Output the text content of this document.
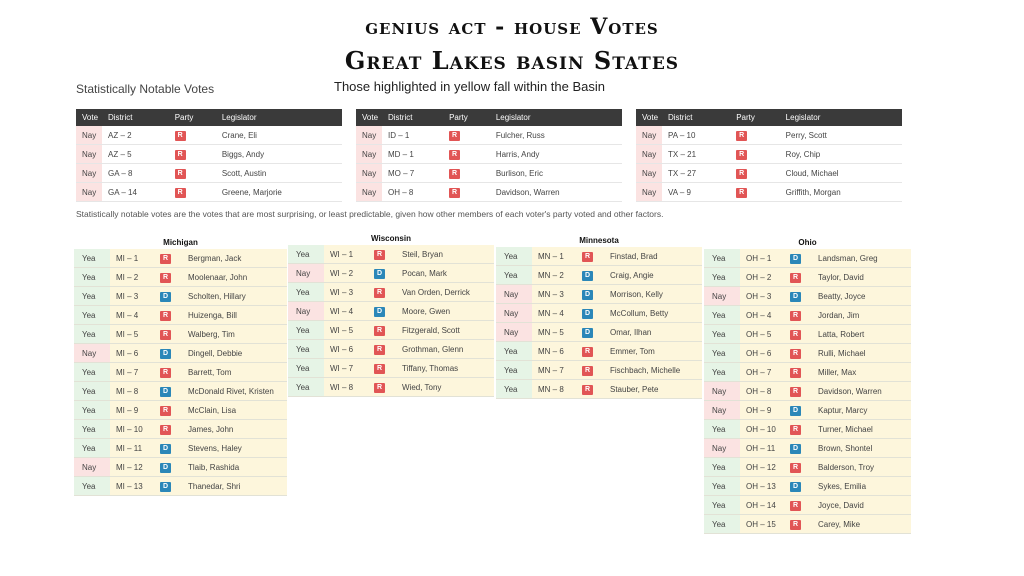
genius act - house Votes
Great Lakes basin States
Statistically Notable Votes	Those highlighted in yellow fall within the Basin
Vote	District	Party	Legislator
Nay	AZ – 2	R	Crane, Eli
Nay	AZ – 5	R	Biggs, Andy
Nay	GA – 8	R	Scott, Austin
Nay	GA – 14	R	Greene, Marjorie
Vote	District	Party	Legislator
Nay	ID – 1	R	Fulcher, Russ
Nay	MD – 1	R	Harris, Andy
Nay	MO – 7	R	Burlison, Eric
Nay	OH – 8	R	Davidson, Warren
Vote	District	Party	Legislator
Nay	PA – 10	R	Perry, Scott
Nay	TX – 21	R	Roy, Chip
Nay	TX – 27	R	Cloud, Michael
Nay	VA – 9	R	Griffith, Morgan
Statistically notable votes are the votes that are most surprising, or least predictable, given how other members of each voter's party voted and other factors.
Michigan
Yea	MI – 1	R	Bergman, Jack
Yea	MI – 2	R	Moolenaar, John
Yea	MI – 3	D	Scholten, Hillary
Yea	MI – 4	R	Huizenga, Bill
Yea	MI – 5	R	Walberg, Tim
Nay	MI – 6	D	Dingell, Debbie
Yea	MI – 7	R	Barrett, Tom
Yea	MI – 8	D	McDonald Rivet, Kristen
Yea	MI – 9	R	McClain, Lisa
Yea	MI – 10	R	James, John
Yea	MI – 11	D	Stevens, Haley
Nay	MI – 12	D	Tlaib, Rashida
Yea	MI – 13	D	Thanedar, Shri
Wisconsin
Yea	WI – 1	R	Steil, Bryan
Nay	WI – 2	D	Pocan, Mark
Yea	WI – 3	R	Van Orden, Derrick
Nay	WI – 4	D	Moore, Gwen
Yea	WI – 5	R	Fitzgerald, Scott
Yea	WI – 6	R	Grothman, Glenn
Yea	WI – 7	R	Tiffany, Thomas
Yea	WI – 8	R	Wied, Tony
Minnesota
Yea	MN – 1	R	Finstad, Brad
Yea	MN – 2	D	Craig, Angie
Nay	MN – 3	D	Morrison, Kelly
Nay	MN – 4	D	McCollum, Betty
Nay	MN – 5	D	Omar, Ilhan
Yea	MN – 6	R	Emmer, Tom
Yea	MN – 7	R	Fischbach, Michelle
Yea	MN – 8	R	Stauber, Pete
Ohio
Yea	OH – 1	D	Landsman, Greg
Yea	OH – 2	R	Taylor, David
Nay	OH – 3	D	Beatty, Joyce
Yea	OH – 4	R	Jordan, Jim
Yea	OH – 5	R	Latta, Robert
Yea	OH – 6	R	Rulli, Michael
Yea	OH – 7	R	Miller, Max
Nay	OH – 8	R	Davidson, Warren
Nay	OH – 9	D	Kaptur, Marcy
Yea	OH – 10	R	Turner, Michael
Nay	OH – 11	D	Brown, Shontel
Yea	OH – 12	R	Balderson, Troy
Yea	OH – 13	D	Sykes, Emilia
Yea	OH – 14	R	Joyce, David
Yea	OH – 15	R	Carey, Mike
